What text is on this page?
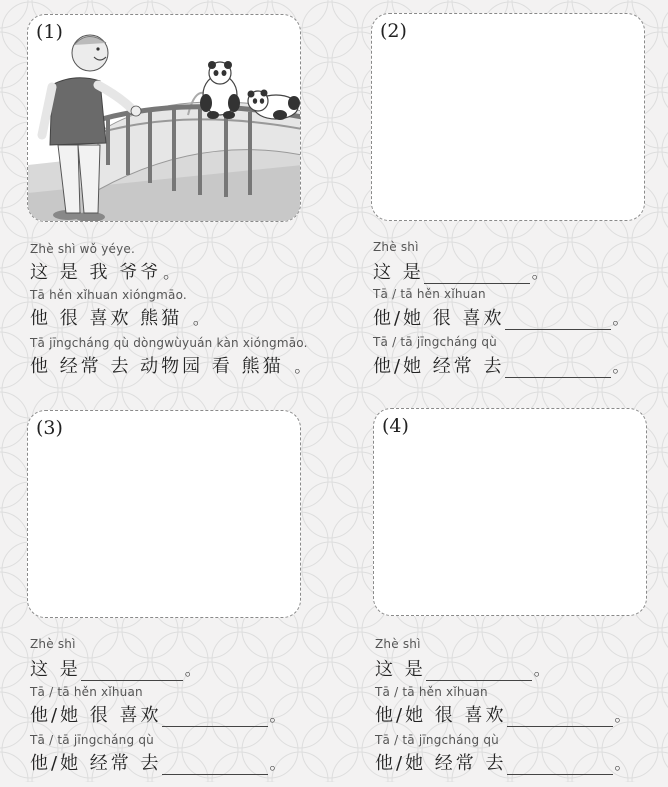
(1)	(2)
(3)	(4)
Zhè shì wǒ yéye.
这 是 我 爷爷 。
Tā hěn xǐhuan xióngmāo.
他 很 喜欢 熊猫 。
Tā jīngcháng qù dòngwùyuán kàn xióngmāo.
他 经常 去 动物园 看 熊猫 。
Zhè shì
这 是	。
Tā / tā hěn xǐhuan
他/她 很 喜欢	。
Tā / tā jīngcháng qù
他/她 经常 去	。
Zhè shì
这 是	。
Tā / tā hěn xǐhuan
他/她 很 喜欢	。
Tā / tā jīngcháng qù
他/她 经常 去	。
Zhè shì
这 是	。
Tā / tā hěn xǐhuan
他/她 很 喜欢	。
Tā / tā jīngcháng qù
他/她 经常 去	。
